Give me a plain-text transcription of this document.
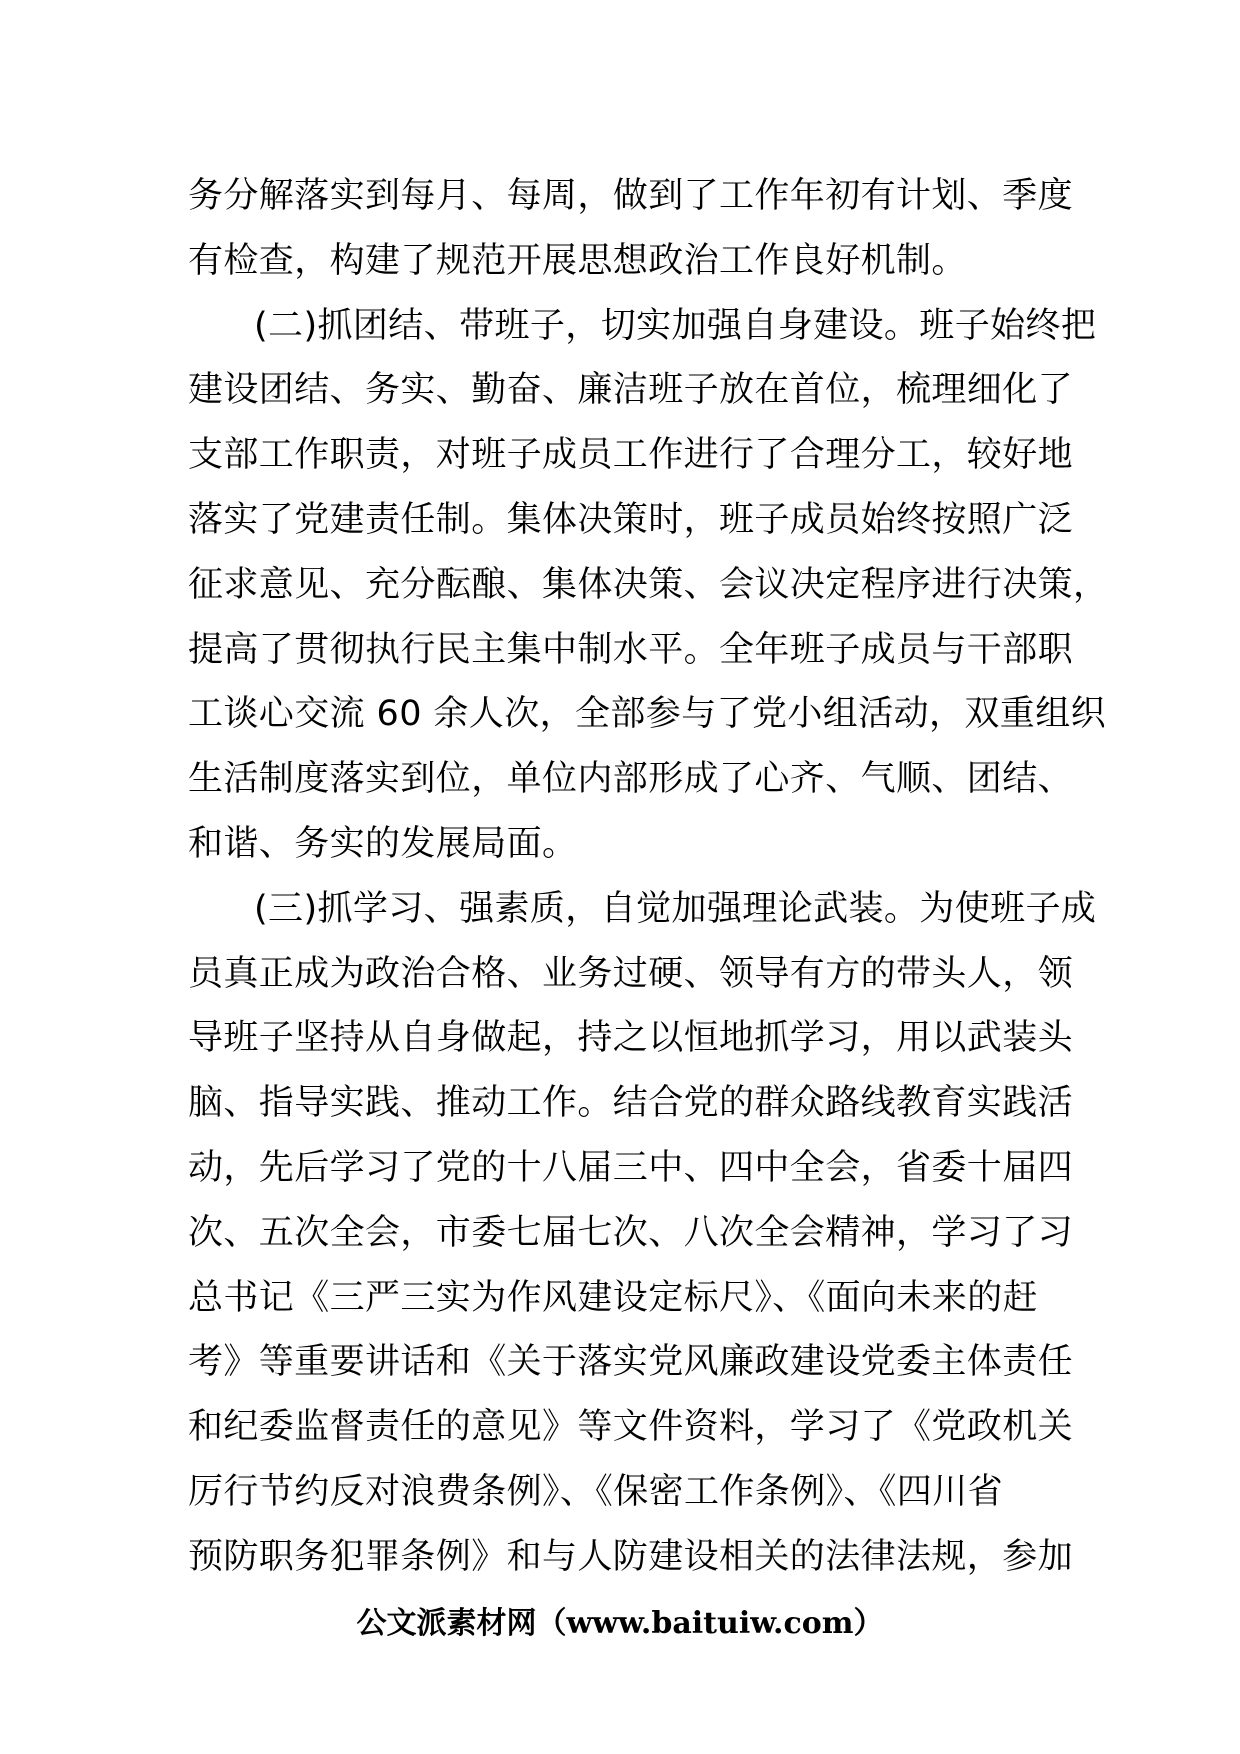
务分解落实到每月、每周，做到了工作年初有计划、季度
有检查，构建了规范开展思想政治工作良好机制。
(二)抓团结、带班子，切实加强自身建设。班子始终把
建设团结、务实、勤奋、廉洁班子放在首位，梳理细化了
支部工作职责，对班子成员工作进行了合理分工，较好地
落实了党建责任制。集体决策时，班子成员始终按照广泛
征求意见、充分酝酿、集体决策、会议决定程序进行决策，
提高了贯彻执行民主集中制水平。全年班子成员与干部职
工谈心交流 60 余人次，全部参与了党小组活动，双重组织
生活制度落实到位，单位内部形成了心齐、气顺、团结、
和谐、务实的发展局面。
(三)抓学习、强素质，自觉加强理论武装。为使班子成
员真正成为政治合格、业务过硬、领导有方的带头人，领
导班子坚持从自身做起，持之以恒地抓学习，用以武装头
脑、指导实践、推动工作。结合党的群众路线教育实践活
动，先后学习了党的十八届三中、四中全会，省委十届四
次、五次全会，市委七届七次、八次全会精神，学习了习
总书记《三严三实为作风建设定标尺》、《面向未来的赶
考》等重要讲话和《关于落实党风廉政建设党委主体责任
和纪委监督责任的意见》等文件资料，学习了《党政机关
厉行节约反对浪费条例》、《保密工作条例》、《四川省
预防职务犯罪条例》和与人防建设相关的法律法规，参加
公文派素材网（www.baituiw.com）
